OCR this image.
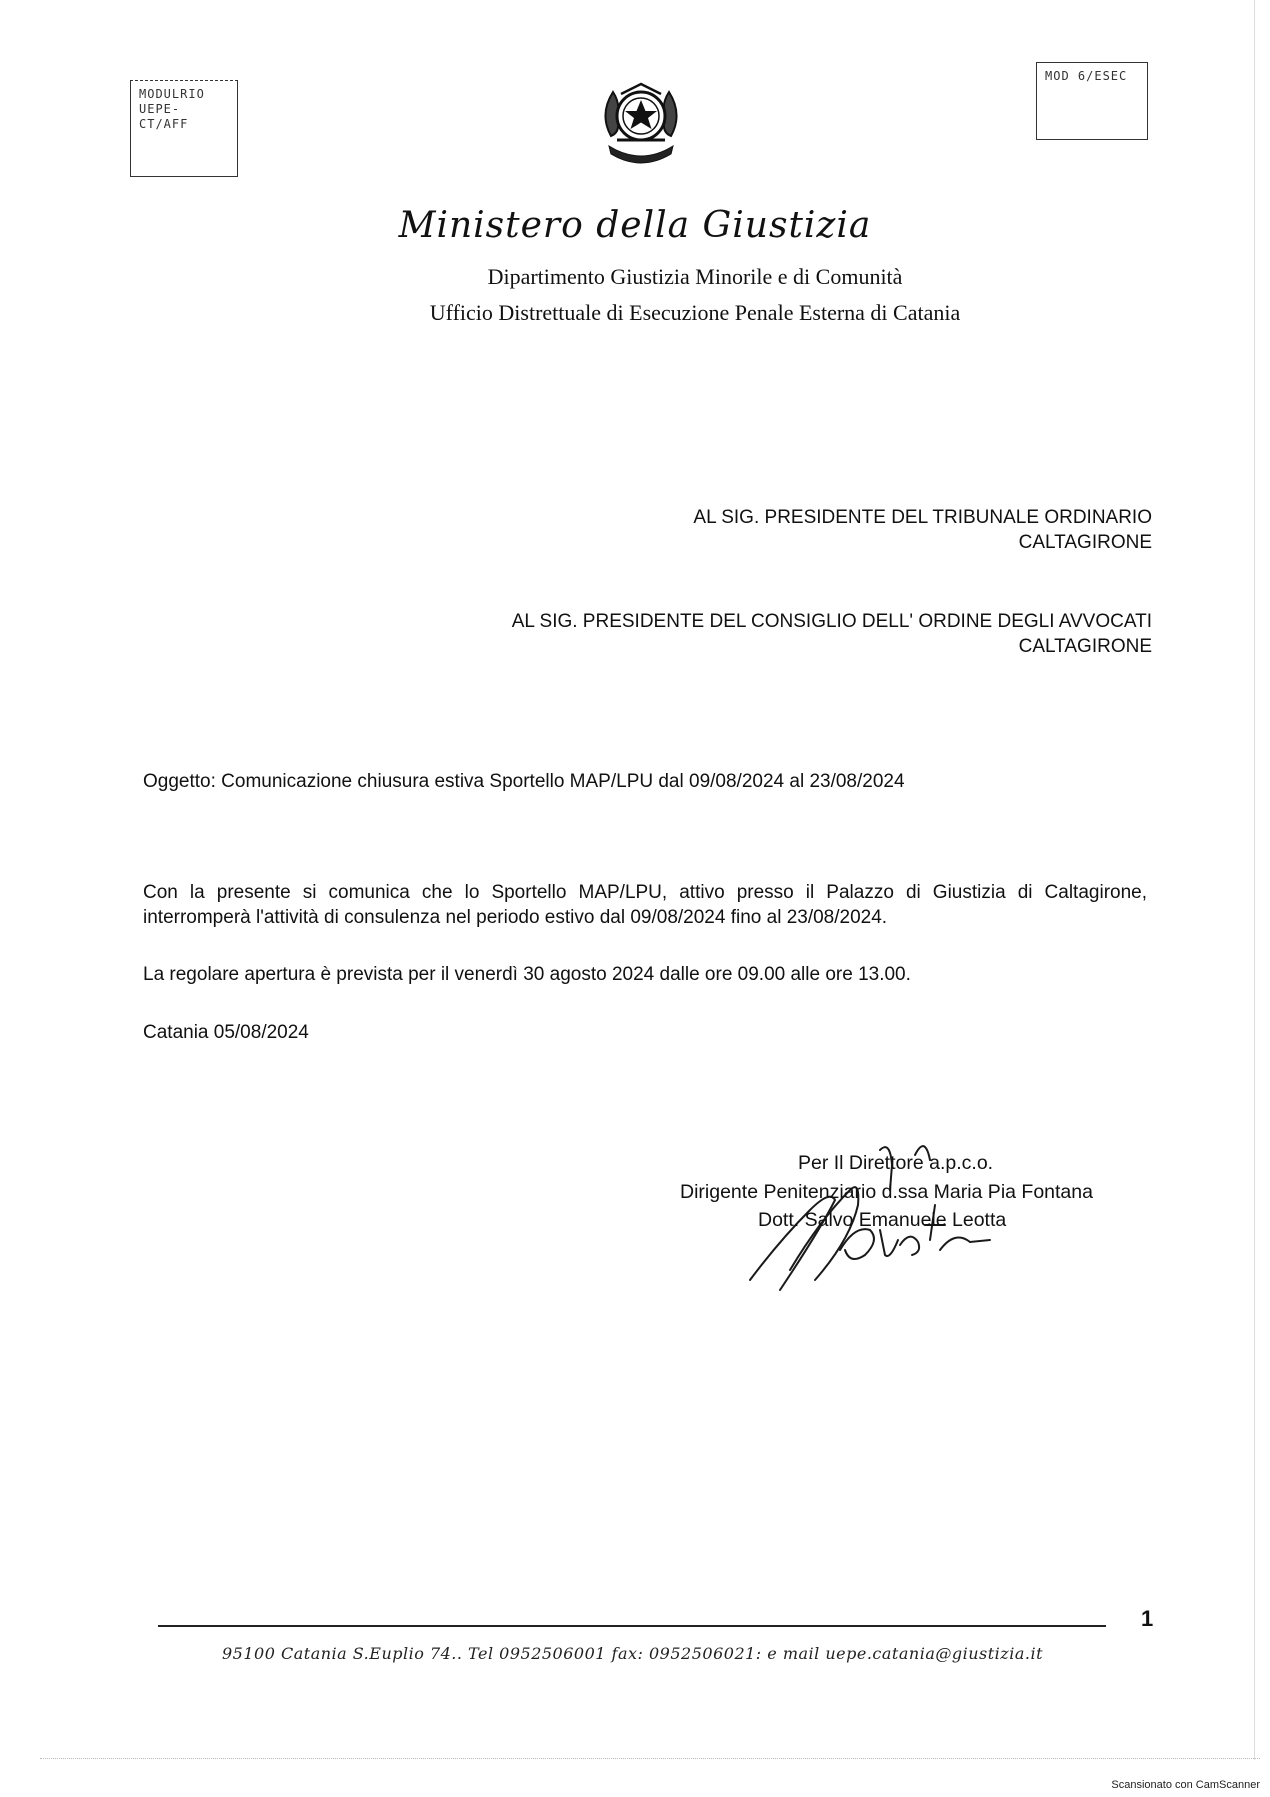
MODULRIO
UEPE-CT/AFF
MOD 6/ESEC
Ministero della Giustizia
Dipartimento Giustizia Minorile e di Comunità
Ufficio Distrettuale di Esecuzione Penale Esterna di Catania
AL SIG. PRESIDENTE DEL TRIBUNALE ORDINARIO
CALTAGIRONE
AL SIG. PRESIDENTE DEL CONSIGLIO DELL' ORDINE DEGLI AVVOCATI
CALTAGIRONE
Oggetto: Comunicazione chiusura estiva Sportello MAP/LPU dal 09/08/2024 al 23/08/2024
Con la presente si comunica che lo Sportello MAP/LPU, attivo presso il Palazzo di Giustizia di Caltagirone, interromperà l'attività di consulenza nel periodo estivo dal 09/08/2024 fino al 23/08/2024.
La regolare apertura è prevista per il venerdì 30 agosto 2024 dalle ore 09.00 alle ore 13.00.
Catania 05/08/2024
Per Il Direttore a.p.c.o.
Dirigente Penitenziario d.ssa Maria Pia Fontana
Dott. Salvo Emanuele Leotta
1
95100 Catania S.Euplio 74.. Tel 0952506001 fax: 0952506021: e mail uepe.catania@giustizia.it
Scansionato con CamScanner
